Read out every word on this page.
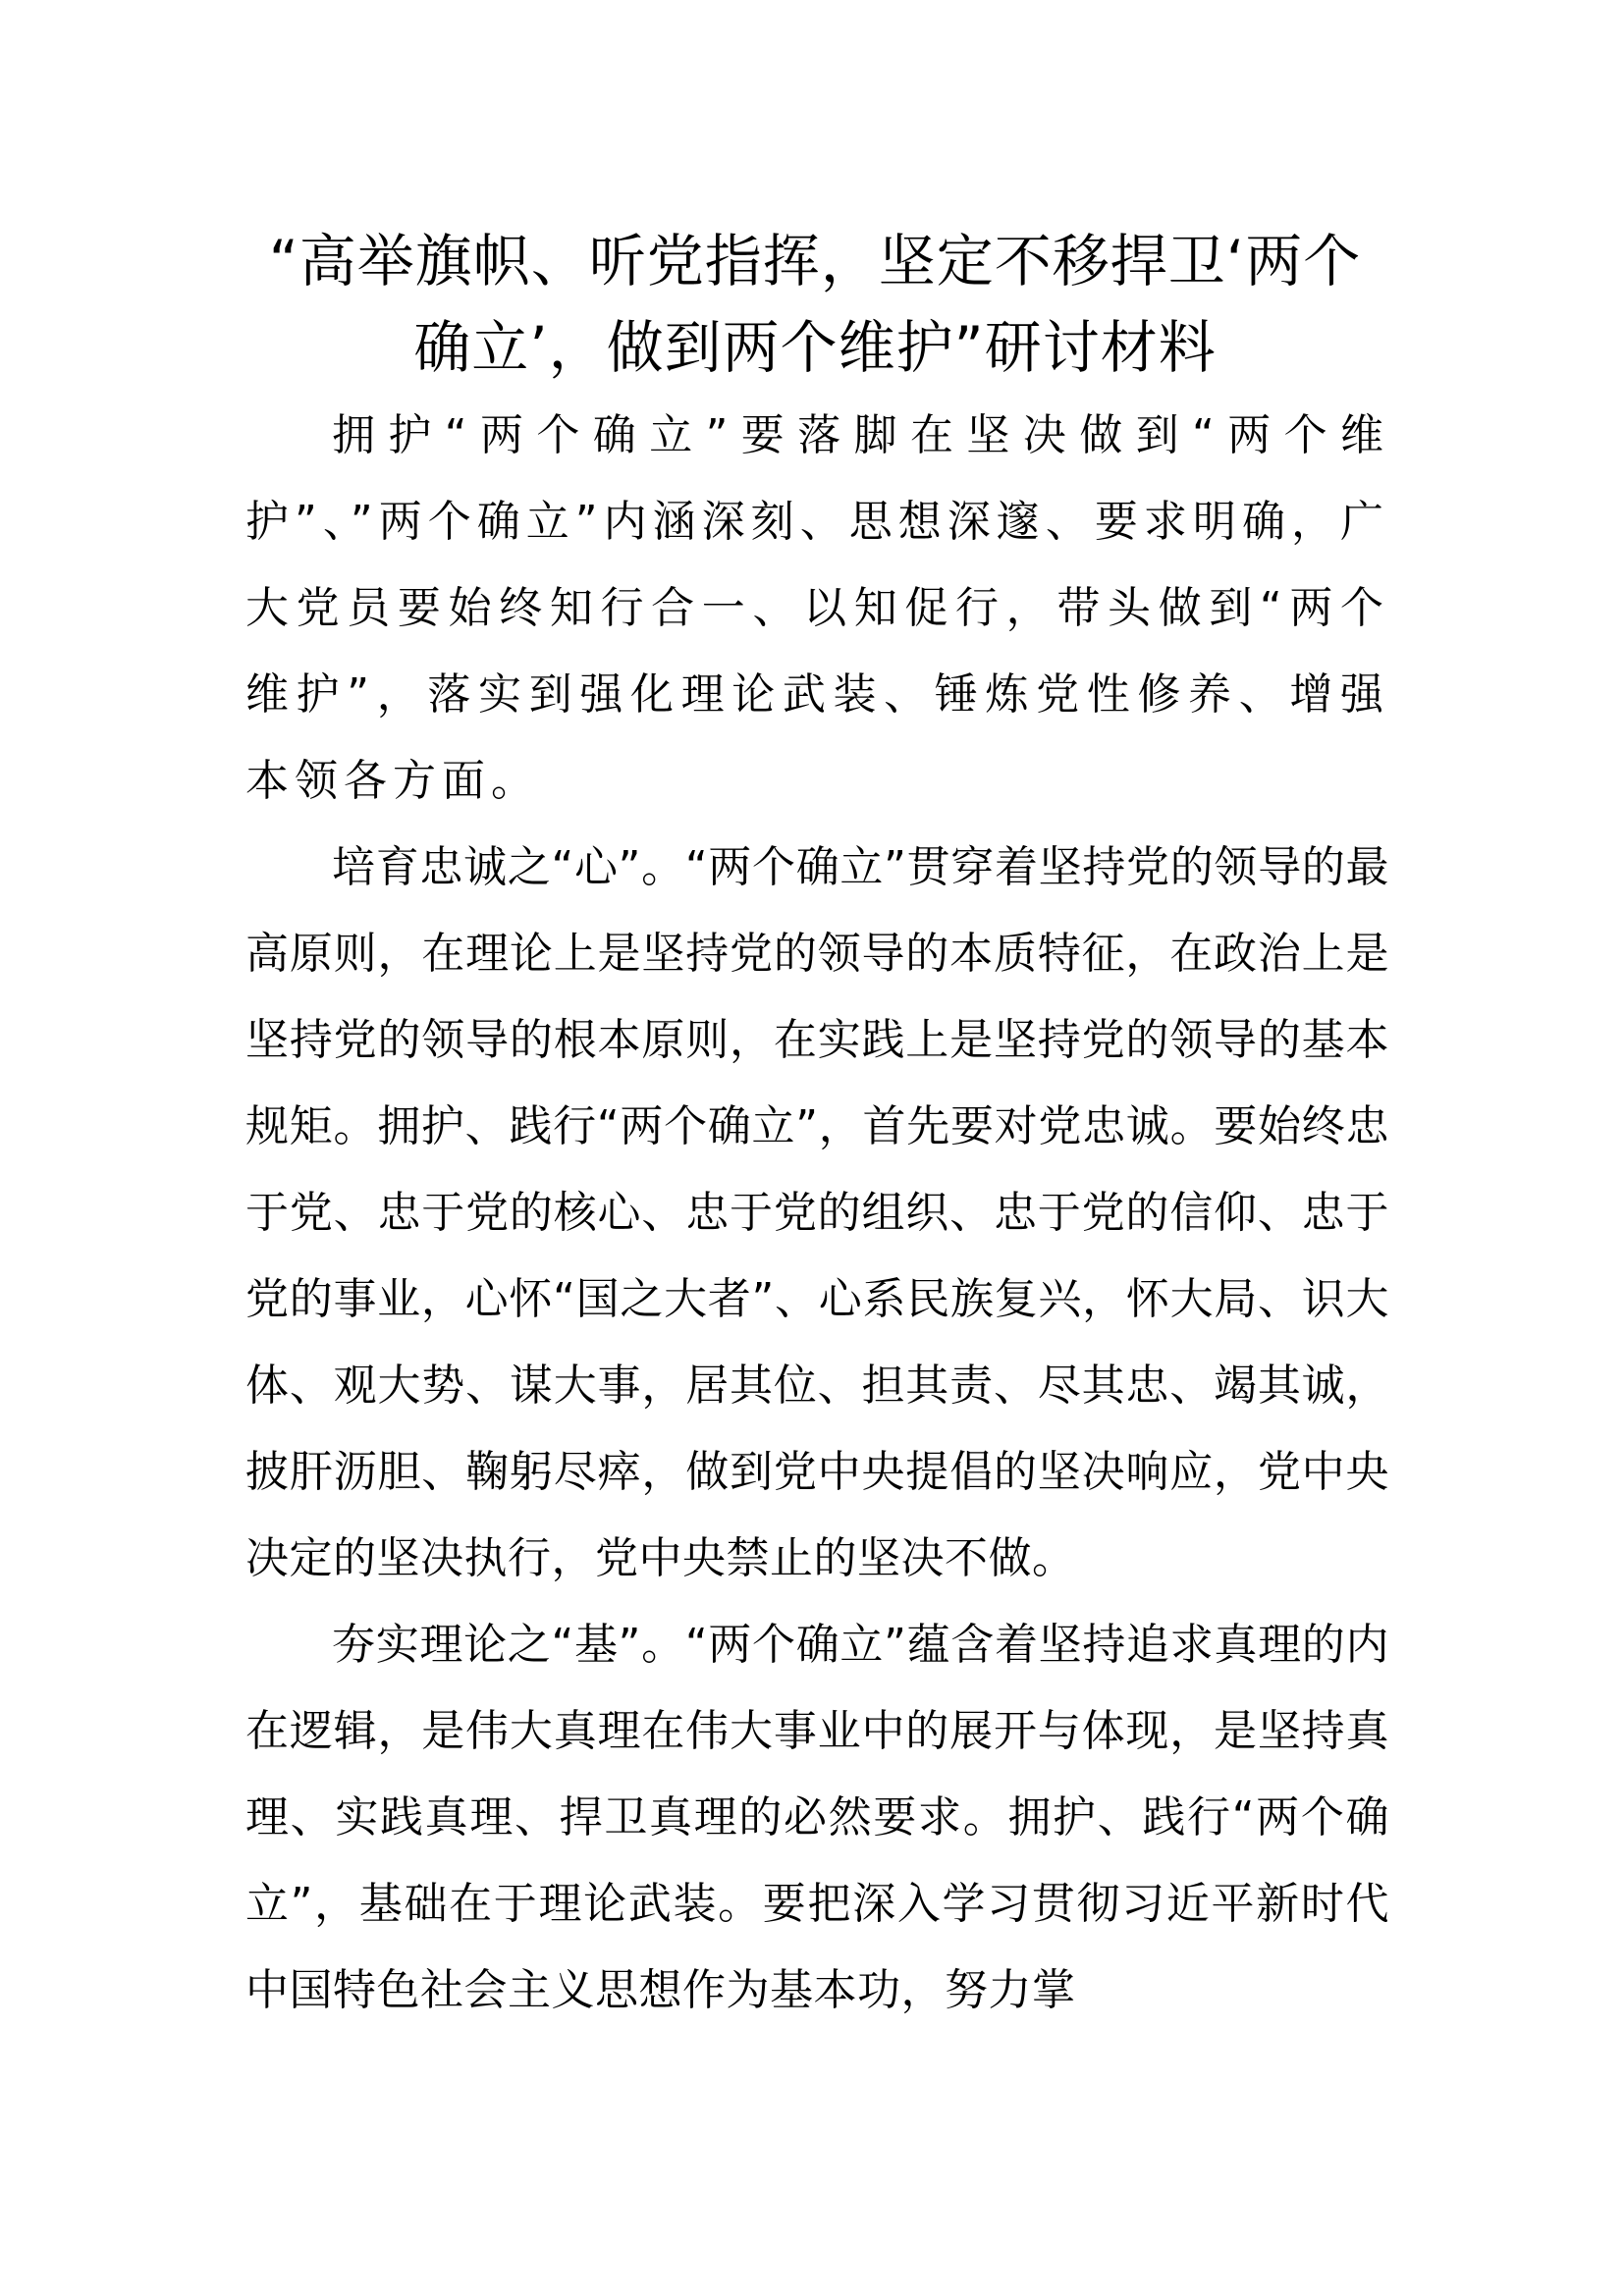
“高举旗帜、听党指挥，坚定不移捍卫‘两个确立’，做到两个维护”研讨材料

拥护“两个确立”要落脚在坚决做到“两个维护”、”两个确立”内涵深刻、思想深邃、要求明确，广大党员要始终知行合一、以知促行，带头做到“两个维护”，落实到强化理论武装、锤炼党性修养、增强本领各方面。

培育忠诚之“心”。“两个确立”贯穿着坚持党的领导的最高原则，在理论上是坚持党的领导的本质特征，在政治上是坚持党的领导的根本原则，在实践上是坚持党的领导的基本规矩。拥护、践行“两个确立”，首先要对党忠诚。要始终忠于党、忠于党的核心、忠于党的组织、忠于党的信仰、忠于党的事业，心怀“国之大者”、心系民族复兴，怀大局、识大体、观大势、谋大事，居其位、担其责、尽其忠、竭其诚，披肝沥胆、鞠躬尽瘁，做到党中央提倡的坚决响应，党中央决定的坚决执行，党中央禁止的坚决不做。

夯实理论之“基”。“两个确立”蕴含着坚持追求真理的内在逻辑，是伟大真理在伟大事业中的展开与体现，是坚持真理、实践真理、捍卫真理的必然要求。拥护、践行“两个确立”，基础在于理论武装。要把深入学习贯彻习近平新时代中国特色社会主义思想作为基本功，努力掌
